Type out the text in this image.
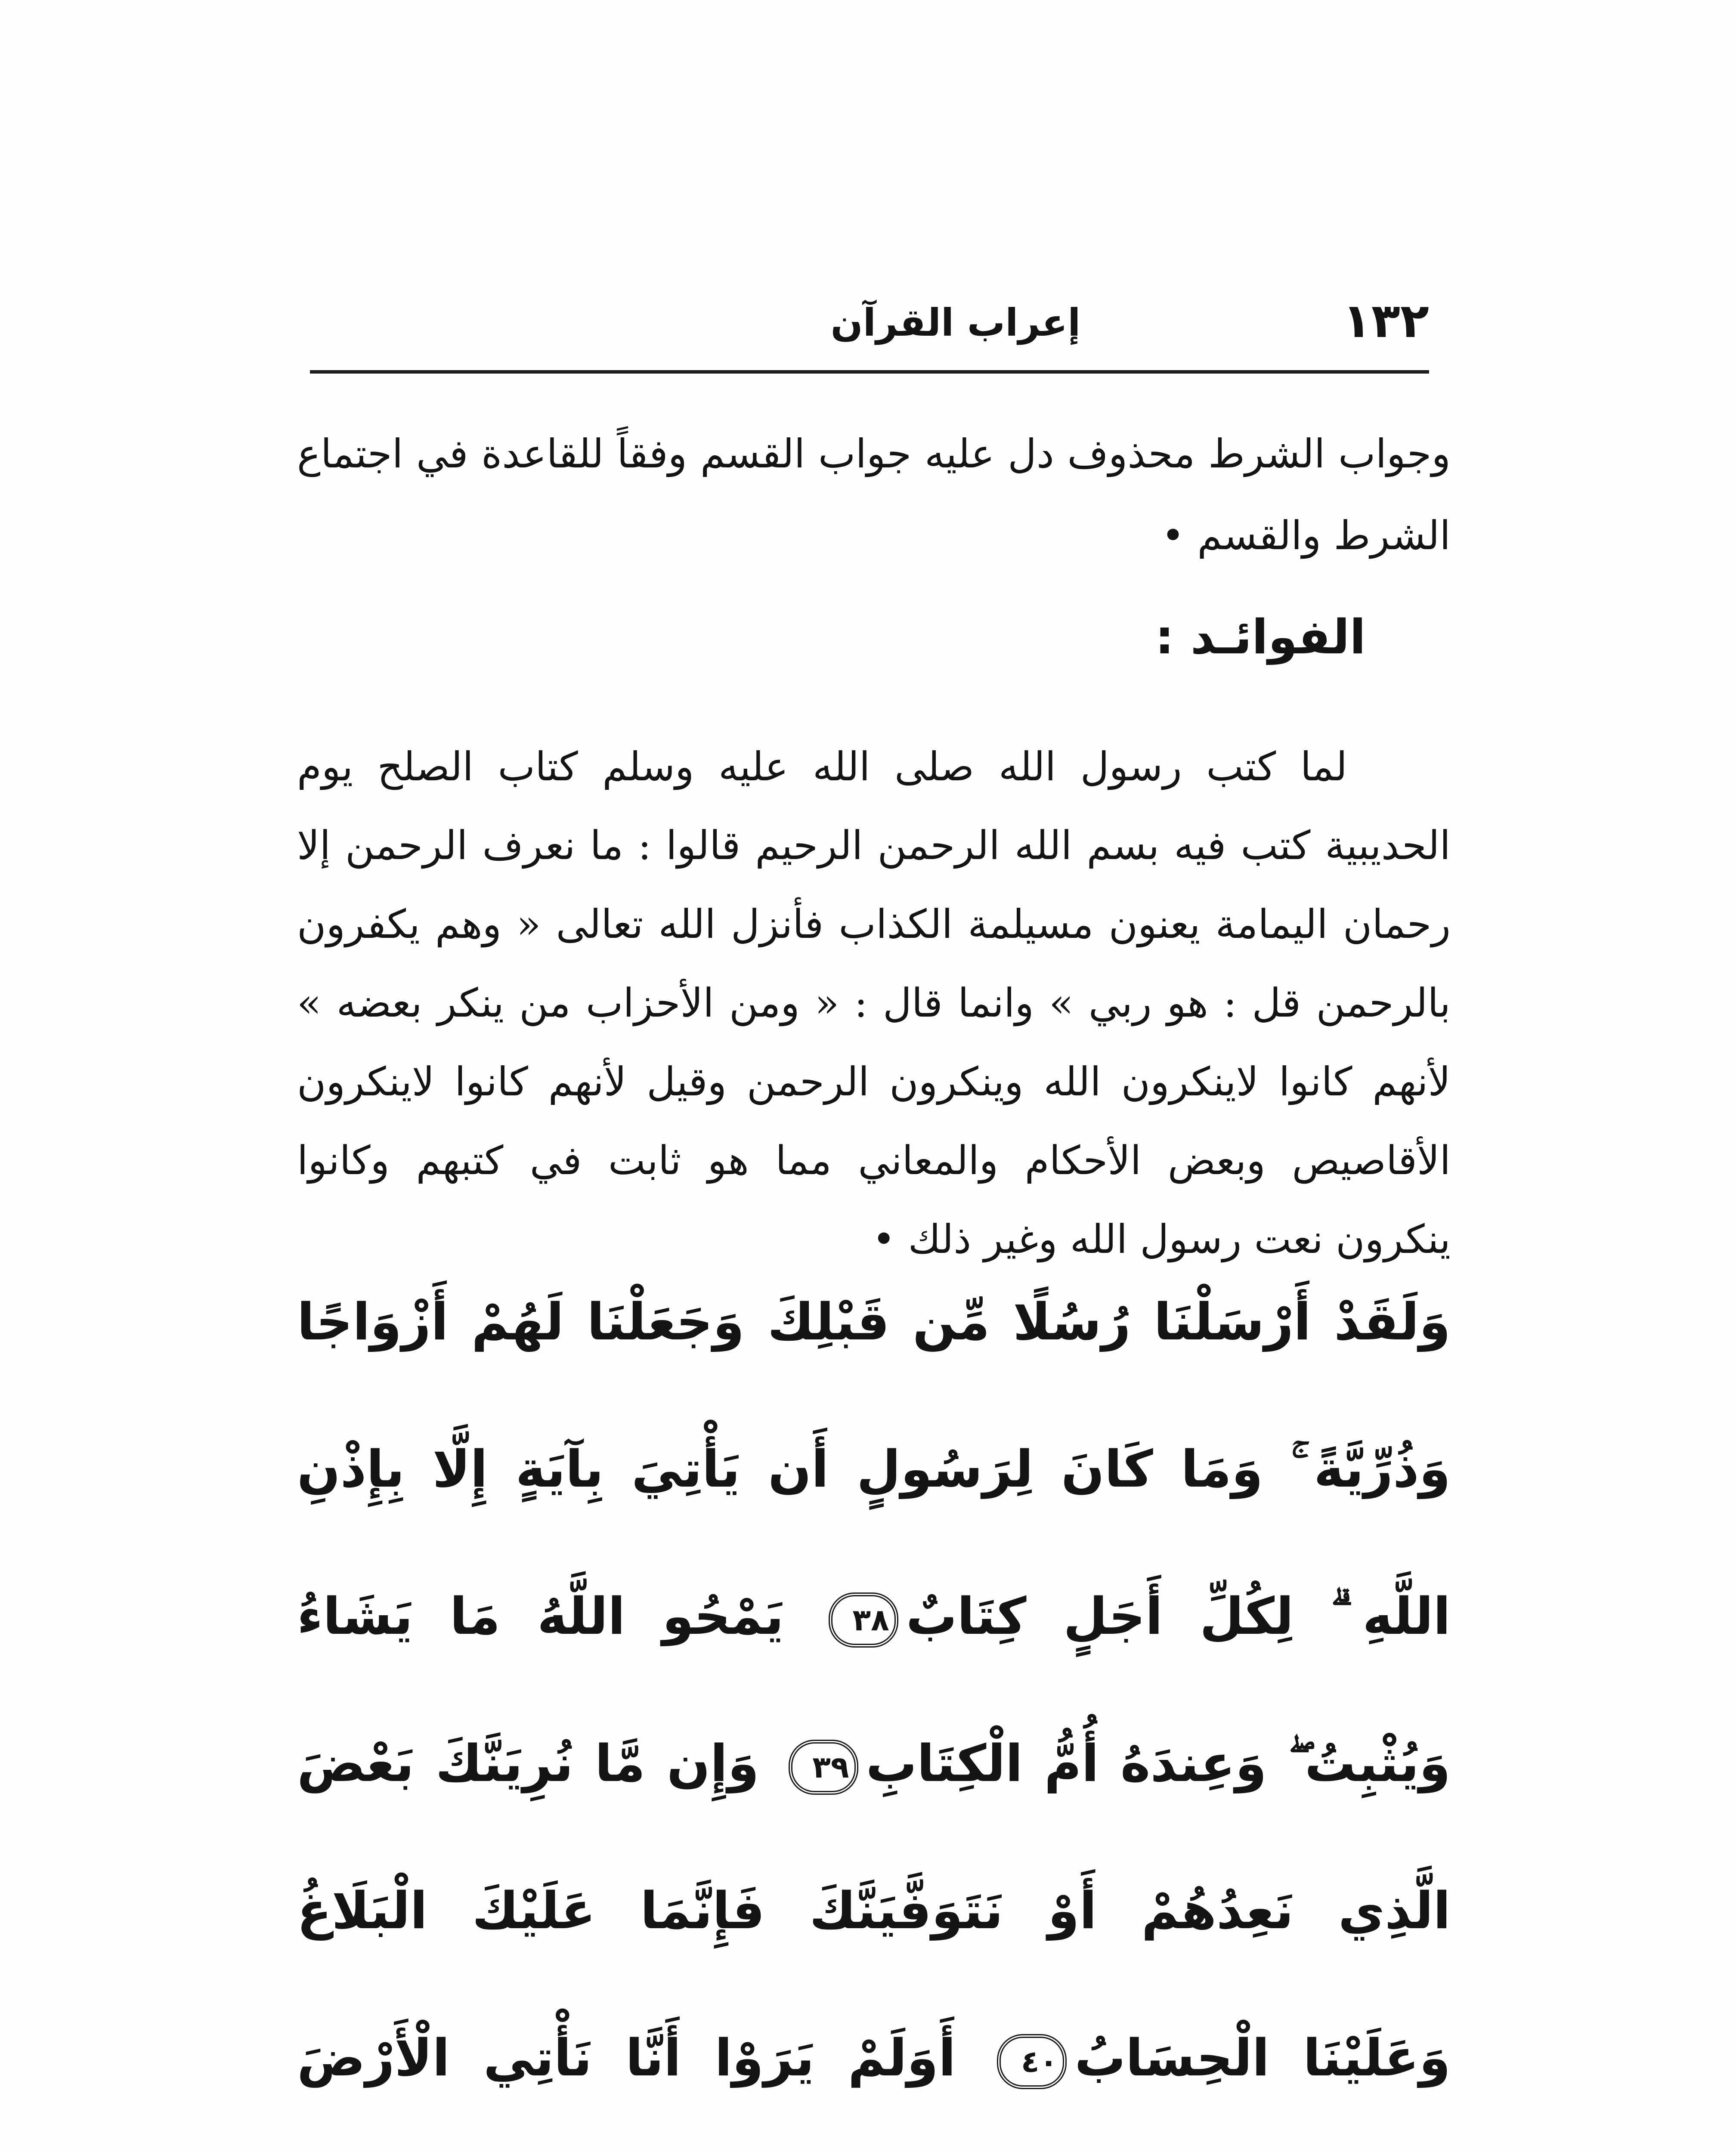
١٣٢
إعراب القرآن
وجواب الشرط محذوف دل عليه جواب القسم وفقاً للقاعدة في اجتماع الشرط والقسم •
الفوائـد :

لما كتب رسول الله صلى الله عليه وسلم كتاب الصلح يوم الحديبية كتب فيه بسم الله الرحمن الرحيم قالوا : ما نعرف الرحمن إلا رحمان اليمامة يعنون مسيلمة الكذاب فأنزل الله تعالى « وهم يكفرون بالرحمن قل : هو ربي » وانما قال : « ومن الأحزاب من ينكر بعضه » لأنهم كانوا لاينكرون الله وينكرون الرحمن وقيل لأنهم كانوا لاينكرون الأقاصيص وبعض الأحكام والمعاني مما هو ثابت في كتبهم وكانوا ينكرون نعت رسول الله وغير ذلك •

وَلَقَدْ أَرْسَلْنَا رُسُلًا مِّن قَبْلِكَ وَجَعَلْنَا لَهُمْ أَزْوَاجًا وَذُرِّيَّةً ۚ وَمَا كَانَ لِرَسُولٍ أَن يَأْتِيَ بِآيَةٍ إِلَّا بِإِذْنِ اللَّهِ ۗ لِكُلِّ أَجَلٍ كِتَابٌ٣٨ يَمْحُو اللَّهُ مَا يَشَاءُ وَيُثْبِتُ ۖ وَعِندَهُ أُمُّ الْكِتَابِ٣٩ وَإِن مَّا نُرِيَنَّكَ بَعْضَ الَّذِي نَعِدُهُمْ أَوْ نَتَوَفَّيَنَّكَ فَإِنَّمَا عَلَيْكَ الْبَلَاغُ وَعَلَيْنَا الْحِسَابُ٤٠ أَوَلَمْ يَرَوْا أَنَّا نَأْتِي الْأَرْضَ
